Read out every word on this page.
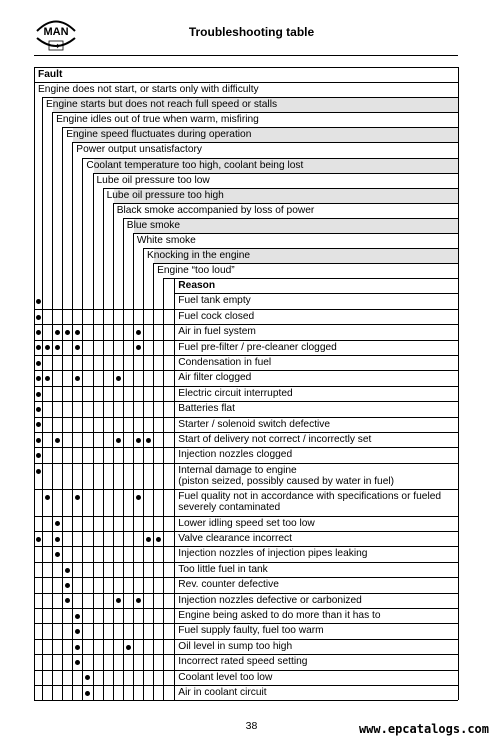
MAN	Troubleshooting table
Fault
Engine does not start, or starts only with difficulty
Engine starts but does not reach full speed or stalls
Engine idles out of true when warm, misfiring
Engine speed fluctuates during operation
Power output unsatisfactory
Coolant temperature too high, coolant being lost
Lube oil pressure too low
Lube oil pressure too high
Black smoke accompanied by loss of power
Blue smoke
White smoke
Knocking in the engine
Engine “too loud”
Reason
Fuel tank empty
Fuel cock closed
Air in fuel system
Fuel pre-filter / pre-cleaner clogged
Condensation in fuel
Air filter clogged
Electric circuit interrupted
Batteries flat
Starter / solenoid switch defective
Start of delivery not correct / incorrectly set
Injection nozzles clogged
Internal damage to engine
(piston seized, possibly caused by water in fuel)
Fuel quality not in accordance with specifications or fueled
severely contaminated
Lower idling speed set too low
Valve clearance incorrect
Injection nozzles of injection pipes leaking
Too little fuel in tank
Rev. counter defective
Injection nozzles defective or carbonized
Engine being asked to do more than it has to
Fuel supply faulty, fuel too warm
Oil level in sump too high
Incorrect rated speed setting
Coolant level too low
Air in coolant circuit
38	www.epcatalogs.com
